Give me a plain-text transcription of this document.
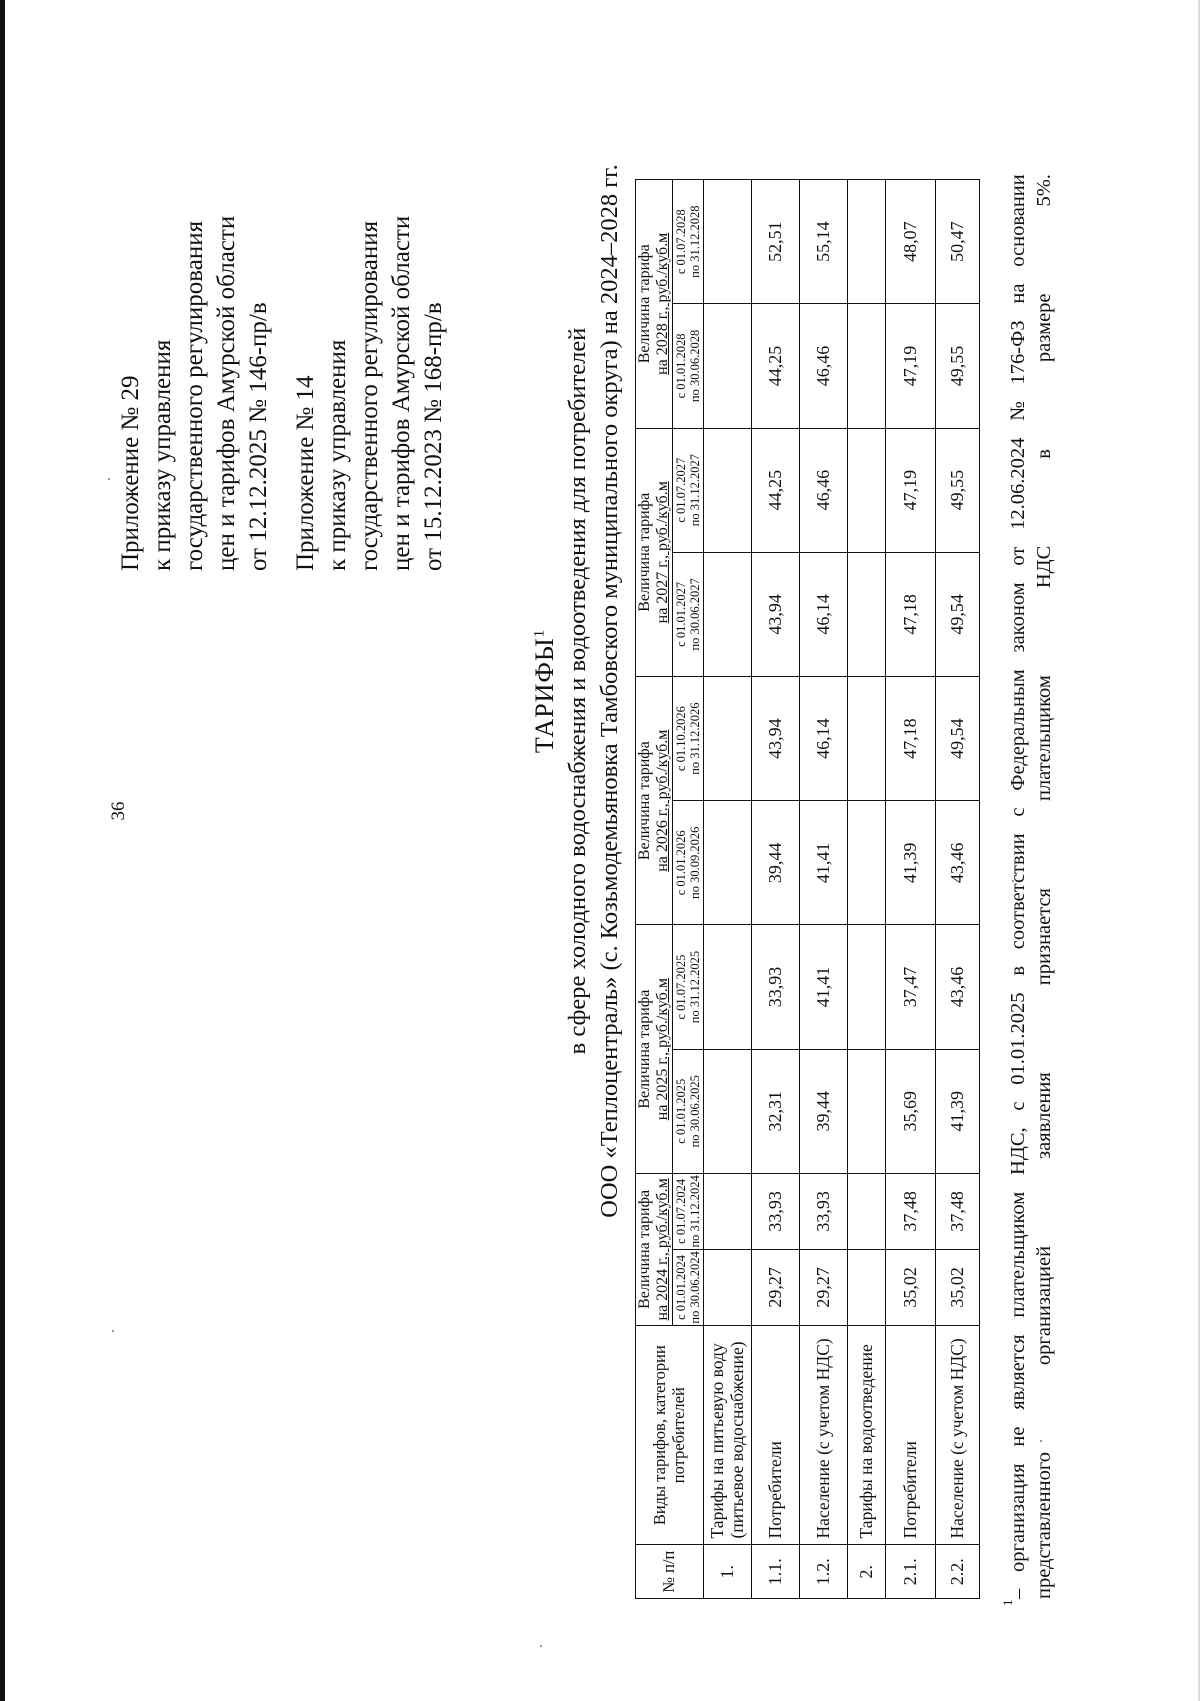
36
Приложение № 29 к приказу управления государственного регулирования цен и тарифов Амурской области от 12.12.2025 № 146-пр/в Приложение № 14 к приказу управления государственного регулирования цен и тарифов Амурской области от 15.12.2023 № 168-пр/в
ТАРИФЫ$^1$ в сфере холодного водоснабжения и водоотведения для потребителей ООО «Теплоцентраль» (с. Козьмодемьяновка Тамбовского муниципального округа) на 2024–2028 гг.
№ п/п	Виды тарифов, категории потребителей	Величина тарифа на 2024 г., руб./куб.м		Величина тарифа на 2025 г., руб./куб.м		Величина тарифа на 2026 г., руб./куб.м		Величина тарифа на 2027 г., руб./куб.м		Величина тарифа на 2028 г., руб./куб.м	

		с 01.01.2024 по 30.06.2024	с 01.07.2024 по 31.12.2024	с 01.01.2025 по 30.06.2025	с 01.07.2025 по 31.12.2025	с 01.01.2026 по 30.09.2026	с 01.10.2026 по 31.12.2026	с 01.01.2027 по 30.06.2027	с 01.07.2027 по 31.12.2027	с 01.01.2028 по 30.06.2028	с 01.07.2028 по 31.12.2028

1.	Тарифы на питьевую воду (питьевое водоснабжение)										

1.1.	Потребители	29,27	33,93	32,31	33,93	39,44	43,94	43,94	44,25	44,25	52,51
1.2.	Население (с учетом НДС)	29,27	33,93	39,44	41,41	41,41	46,14	46,14	46,46	46,46	55,14
2.	Тарифы на водоотведение										

2.1.	Потребители	35,02	37,48	35,69	37,47	41,39	47,18	47,18	47,19	47,19	48,07
2.2.	Население (с учетом НДС)	35,02	37,48	41,39	43,46	43,46	49,54	49,54	49,55	49,55	50,47
1
–
организация
не
является
плательщиком
НДС,
с
01.01.2025
в
соответствии
с
Федеральным
законом
от
12.06.2024
№
176-ФЗ
на
основании
представленного
организацией
заявления
признается
плательщиком
НДС
в
размере
5%.
